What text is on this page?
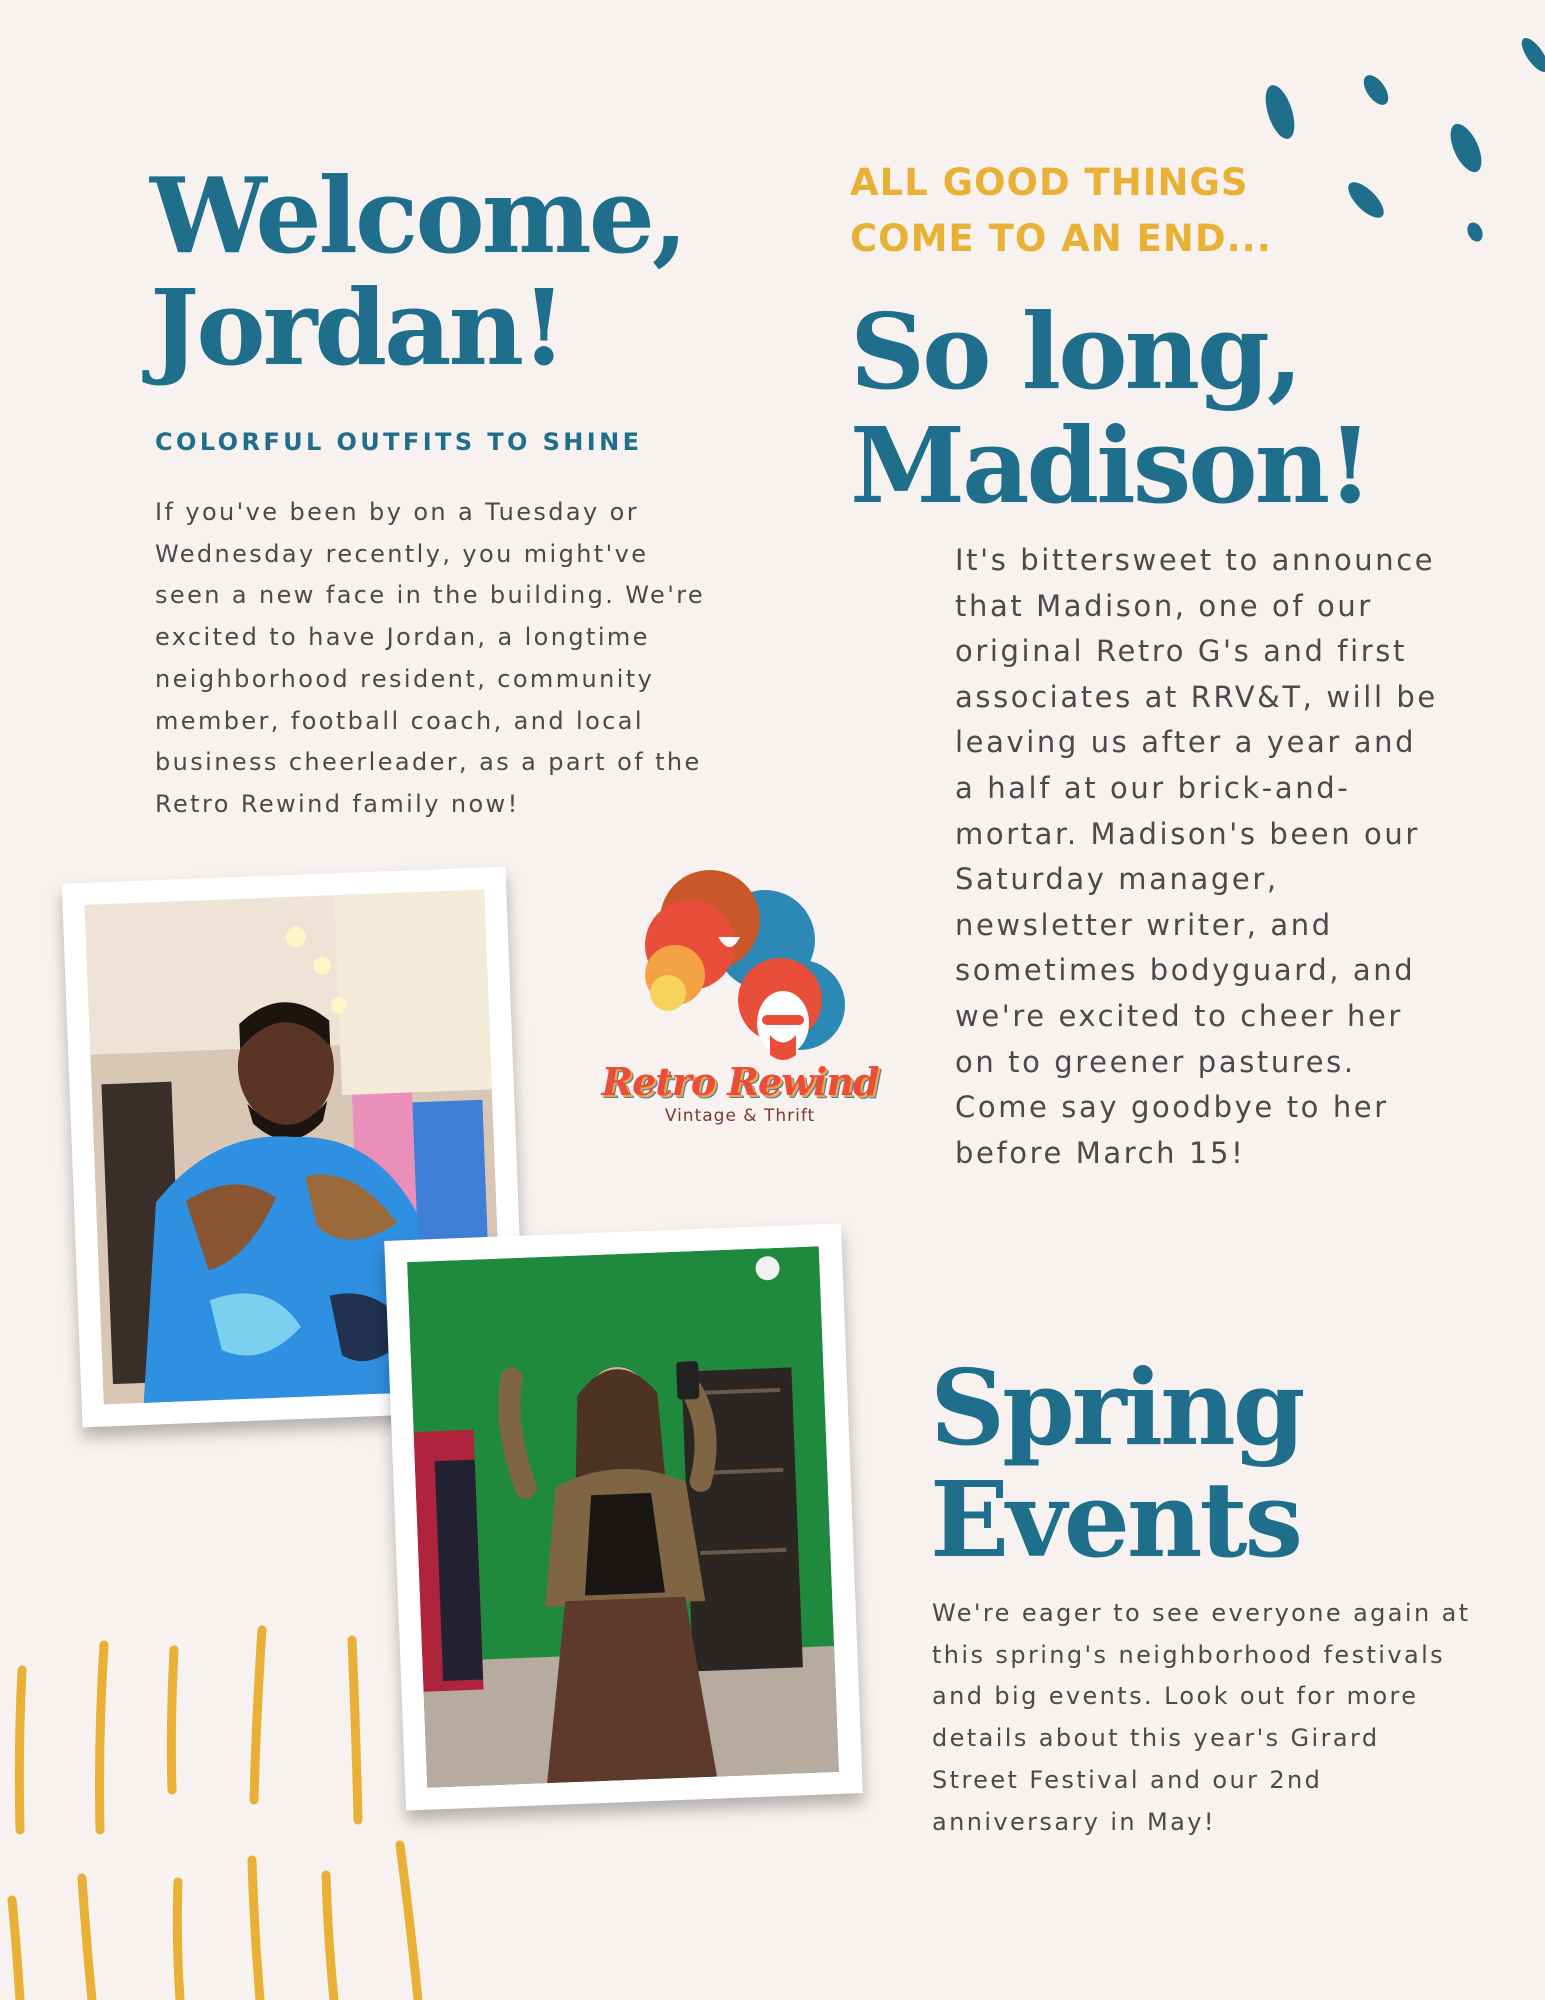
Welcome,
Jordan!
COLORFUL OUTFITS TO SHINE

If you've been by on a Tuesday or Wednesday recently, you might've seen a new face in the building. We're excited to have Jordan, a longtime neighborhood resident, community member, football coach, and local business cheerleader, as a part of the Retro Rewind family now!

ALL GOOD THINGS
COME TO AN END...
So long,
Madison!

It's bittersweet to announce that Madison, one of our original Retro G's and first associates at RRV&T, will be leaving us after a year and a half at our brick-and-mortar. Madison's been our Saturday manager, newsletter writer, and sometimes bodyguard, and we're excited to cheer her on to greener pastures. Come say goodbye to her before March 15!

Spring
Events

We're eager to see everyone again at this spring's neighborhood festivals and big events. Look out for more details about this year's Girard Street Festival and our 2nd anniversary in May!

Retro Rewind
Vintage & Thrift
